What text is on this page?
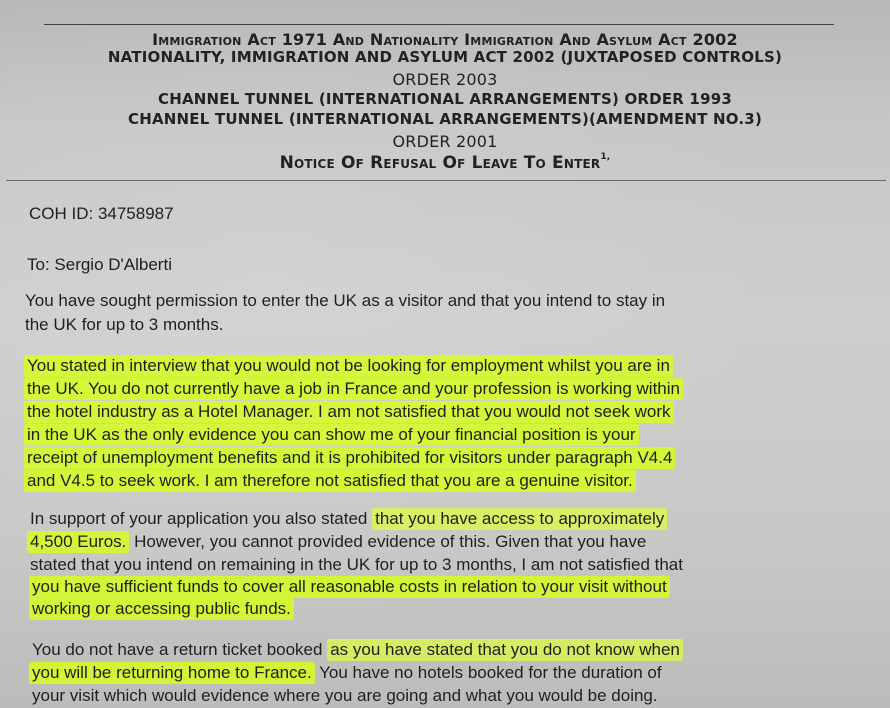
Immigration Act 1971 And Nationality Immigration And Asylum Act 2002
NATIONALITY, IMMIGRATION AND ASYLUM ACT 2002 (JUXTAPOSED CONTROLS)
ORDER 2003
CHANNEL TUNNEL (INTERNATIONAL ARRANGEMENTS) ORDER 1993
CHANNEL TUNNEL (INTERNATIONAL ARRANGEMENTS)(AMENDMENT NO.3)
ORDER 2001
Notice Of Refusal Of Leave To Enter$^{1,}$
COH ID: 34758987
To: Sergio D'Alberti
You have sought permission to enter the UK as a visitor and that you intend to stay in
the UK for up to 3 months.
You stated in interview that you would not be looking for employment whilst you are in
the UK. You do not currently have a job in France and your profession is working within
the hotel industry as a Hotel Manager. I am not satisfied that you would not seek work
in the UK as the only evidence you can show me of your financial position is your
receipt of unemployment benefits and it is prohibited for visitors under paragraph V4.4
and V4.5 to seek work. I am therefore not satisfied that you are a genuine visitor.
In support of your application you also stated that you have access to approximately
4,500 Euros. However, you cannot provided evidence of this. Given that you have
stated that you intend on remaining in the UK for up to 3 months, I am not satisfied that
you have sufficient funds to cover all reasonable costs in relation to your visit without
working or accessing public funds.
You do not have a return ticket booked as you have stated that you do not know when
you will be returning home to France. You have no hotels booked for the duration of
your visit which would evidence where you are going and what you would be doing.
